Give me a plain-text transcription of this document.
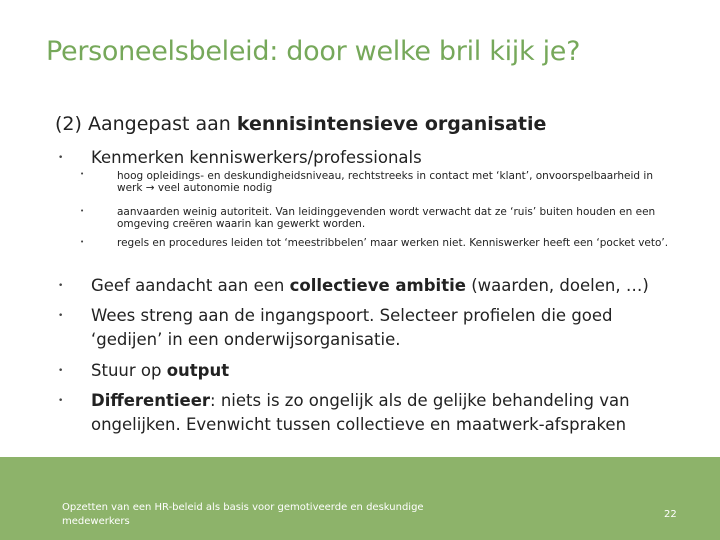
Personeelsbeleid: door welke bril kijk je?
(2) Aangepast aan kennisintensieve organisatie
• Kenmerken kenniswerkers/professionals
•	hoog opleidings- en deskundigheidsniveau, rechtstreeks in contact met ‘klant’, onvoorspelbaarheid in werk → veel autonomie nodig
•	aanvaarden weinig autoriteit. Van leidinggevenden wordt verwacht dat ze ‘ruis’ buiten houden en een omgeving creëren waarin kan gewerkt worden.
•	regels en procedures leiden tot ‘meestribbelen’ maar werken niet. Kenniswerker heeft een ‘pocket veto’.
• Geef aandacht aan een collectieve ambitie (waarden, doelen, …)
• Wees streng aan de ingangspoort. Selecteer profielen die goed ‘gedijen’ in een onderwijsorganisatie.
• Stuur op output
• Differentieer: niets is zo ongelijk als de gelijke behandeling van ongelijken. Evenwicht tussen collectieve en maatwerk-afspraken
Opzetten van een HR-beleid als basis voor gemotiveerde en deskundige medewerkers
22
